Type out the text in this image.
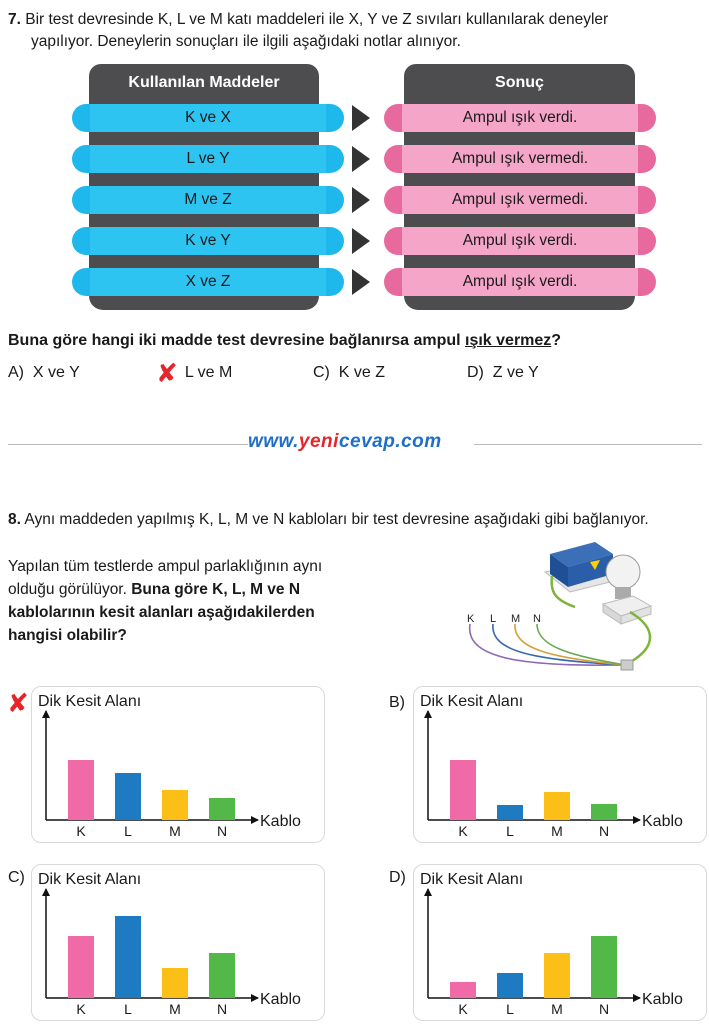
7. Bir test devresinde K, L ve M katı maddeleri ile X, Y ve Z sıvıları kullanılarak deneyler
yapılıyor. Deneylerin sonuçları ile ilgili aşağıdaki notlar alınıyor.
Kullanılan Maddeler	Sonuç
K ve X	Ampul ışık verdi.
L ve Y	Ampul ışık vermedi.
M ve Z	Ampul ışık vermedi.
K ve Y	Ampul ışık verdi.
X ve Z	Ampul ışık verdi.
Buna göre hangi iki madde test devresine bağlanırsa ampul ışık vermez?
A) X ve Y	✘ L ve M	C) K ve Z	D) Z ve Y
www.yenicevap.com
8. Aynı maddeden yapılmış K, L, M ve N kabloları bir test devresine aşağıdaki gibi bağlanıyor.
Yapılan tüm testlerde ampul parlaklığının aynı
olduğu görülüyor. Buna göre K, L, M ve N
kablolarının kesit alanları aşağıdakilerden
hangisi olabilir?
K L M N
✘	B)
C)	D)
Dik Kesit Alanı
Kablo
K	L	M	N
Dik Kesit Alanı
Kablo
K	L	M	N
Dik Kesit Alanı
Kablo
K	L	M	N
Dik Kesit Alanı
Kablo
K	L	M	N
